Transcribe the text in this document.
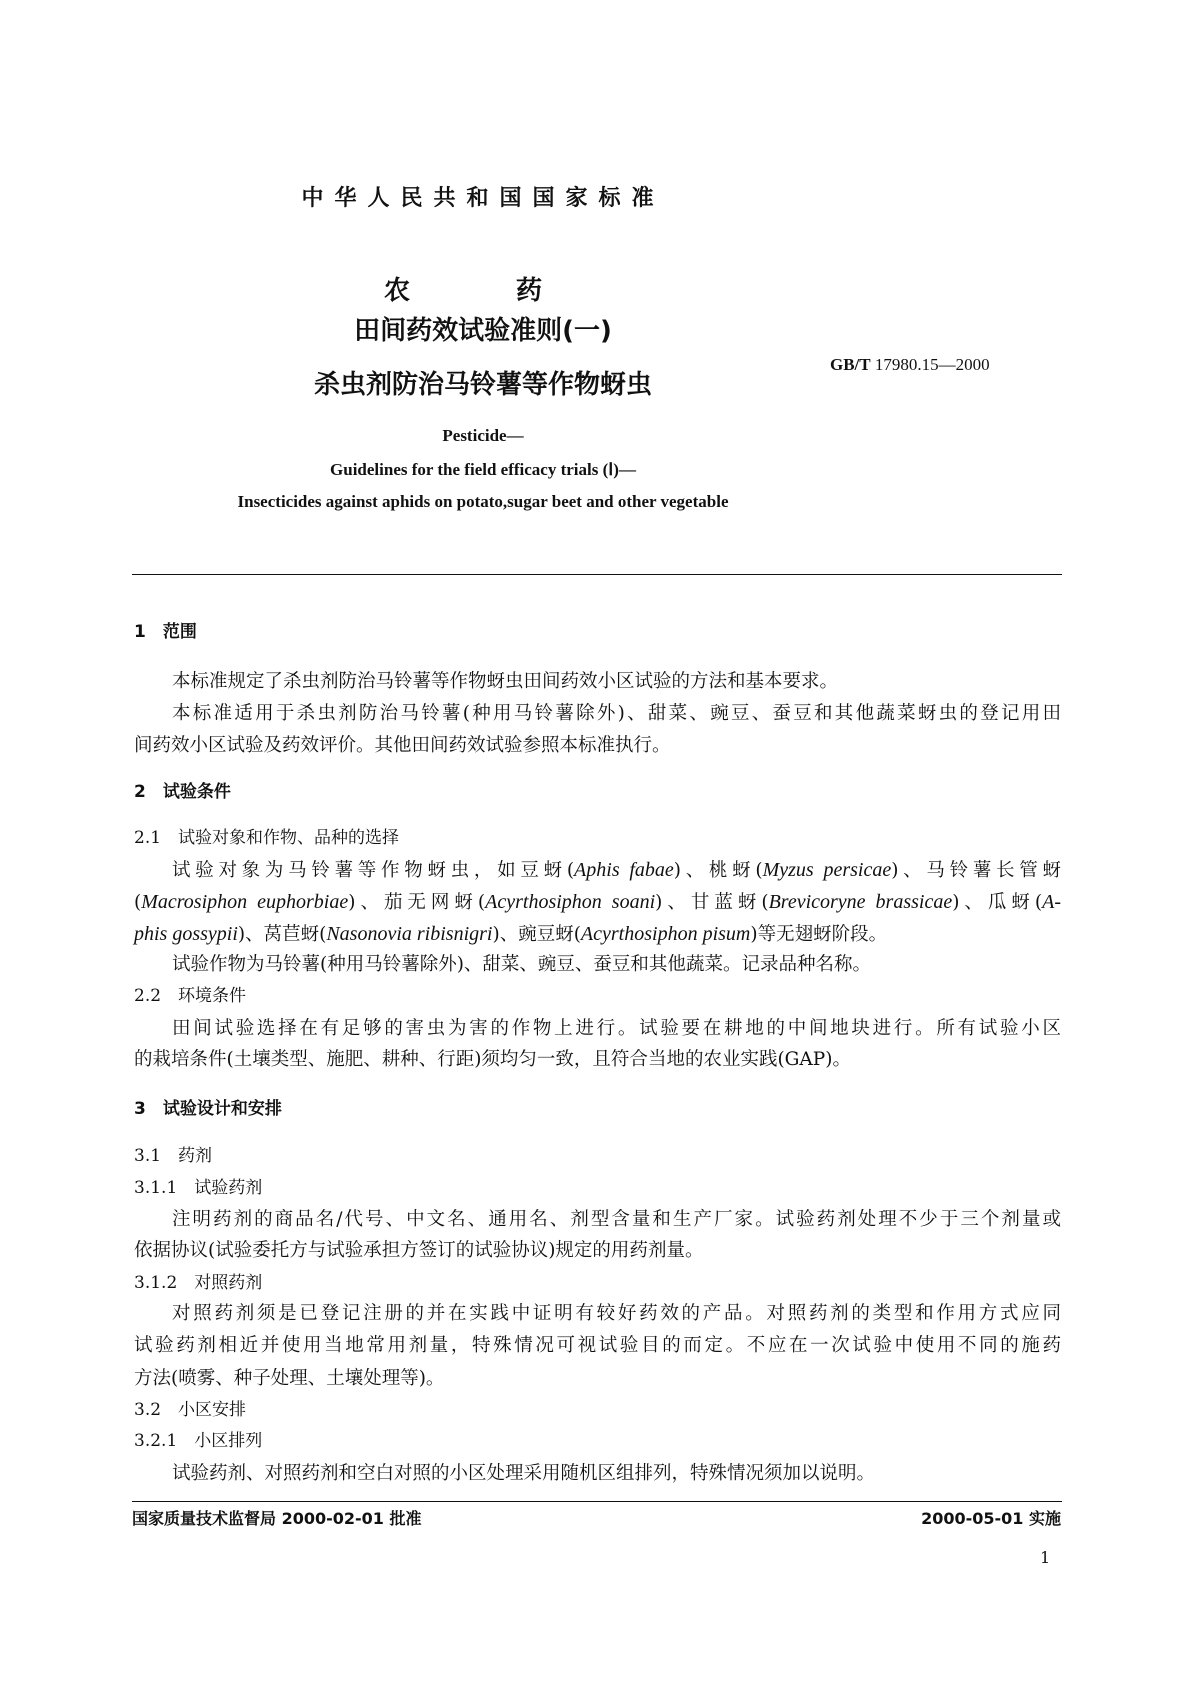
中华人民共和国国家标准
农　药
田间药效试验准则(一)
杀虫剂防治马铃薯等作物蚜虫
GB/T 17980.15—2000
Pesticide—
Guidelines for the field efficacy trials (Ⅰ)—
Insecticides against aphids on potato,sugar beet and other vegetable
1　范围
本标准规定了杀虫剂防治马铃薯等作物蚜虫田间药效小区试验的方法和基本要求。
本标准适用于杀虫剂防治马铃薯(种用马铃薯除外)、甜菜、豌豆、蚕豆和其他蔬菜蚜虫的登记用田
间药效小区试验及药效评价。其他田间药效试验参照本标准执行。
2　试验条件
2.1　试验对象和作物、品种的选择
试验对象为马铃薯等作物蚜虫，如豆蚜(Aphis fabae)、桃蚜(Myzus persicae)、马铃薯长管蚜
(Macrosiphon euphorbiae)、茄无网蚜(Acyrthosiphon soani)、甘蓝蚜(Brevicoryne brassicae)、瓜蚜(A-
phis gossypii)、莴苣蚜(Nasonovia ribisnigri)、豌豆蚜(Acyrthosiphon pisum)等无翅蚜阶段。
试验作物为马铃薯(种用马铃薯除外)、甜菜、豌豆、蚕豆和其他蔬菜。记录品种名称。
2.2　环境条件
田间试验选择在有足够的害虫为害的作物上进行。试验要在耕地的中间地块进行。所有试验小区
的栽培条件(土壤类型、施肥、耕种、行距)须均匀一致，且符合当地的农业实践(GAP)。
3　试验设计和安排
3.1　药剂
3.1.1　试验药剂
注明药剂的商品名/代号、中文名、通用名、剂型含量和生产厂家。试验药剂处理不少于三个剂量或
依据协议(试验委托方与试验承担方签订的试验协议)规定的用药剂量。
3.1.2　对照药剂
对照药剂须是已登记注册的并在实践中证明有较好药效的产品。对照药剂的类型和作用方式应同
试验药剂相近并使用当地常用剂量，特殊情况可视试验目的而定。不应在一次试验中使用不同的施药
方法(喷雾、种子处理、土壤处理等)。
3.2　小区安排
3.2.1　小区排列
试验药剂、对照药剂和空白对照的小区处理采用随机区组排列，特殊情况须加以说明。
国家质量技术监督局 2000-02-01 批准	2000-05-01 实施
1
